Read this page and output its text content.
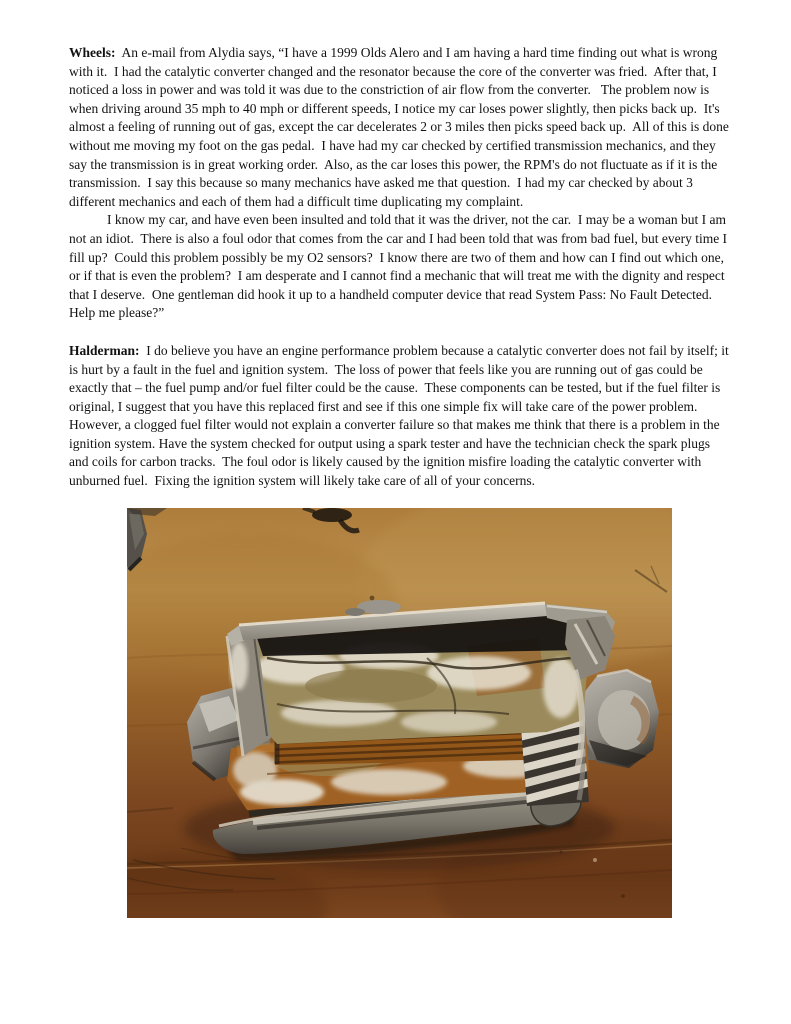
Wheels:  An e-mail from Alydia says, “I have a 1999 Olds Alero and I am having a hard time finding out what is wrong with it.  I had the catalytic converter changed and the resonator because the core of the converter was fried.  After that, I noticed a loss in power and was told it was due to the constriction of air flow from the converter.   The problem now is when driving around 35 mph to 40 mph or different speeds, I notice my car loses power slightly, then picks back up.  It's almost a feeling of running out of gas, except the car decelerates 2 or 3 miles then picks speed back up.  All of this is done without me moving my foot on the gas pedal.  I have had my car checked by certified transmission mechanics, and they say the transmission is in great working order.  Also, as the car loses this power, the RPM's do not fluctuate as if it is the transmission.  I say this because so many mechanics have asked me that question.  I had my car checked by about 3 different mechanics and each of them had a difficult time duplicating my complaint.

I know my car, and have even been insulted and told that it was the driver, not the car.  I may be a woman but I am not an idiot.  There is also a foul odor that comes from the car and I had been told that was from bad fuel, but every time I fill up?  Could this problem possibly be my O2 sensors?  I know there are two of them and how can I find out which one, or if that is even the problem?  I am desperate and I cannot find a mechanic that will treat me with the dignity and respect that I deserve.  One gentleman did hook it up to a handheld computer device that read System Pass: No Fault Detected.  Help me please?”

Halderman:  I do believe you have an engine performance problem because a catalytic converter does not fail by itself; it is hurt by a fault in the fuel and ignition system.  The loss of power that feels like you are running out of gas could be exactly that – the fuel pump and/or fuel filter could be the cause.  These components can be tested, but if the fuel filter is original, I suggest that you have this replaced first and see if this one simple fix will take care of the power problem.  However, a clogged fuel filter would not explain a converter failure so that makes me think that there is a problem in the ignition system. Have the system checked for output using a spark tester and have the technician check the spark plugs and coils for carbon tracks.  The foul odor is likely caused by the ignition misfire loading the catalytic converter with unburned fuel.  Fixing the ignition system will likely take care of all of your concerns.
